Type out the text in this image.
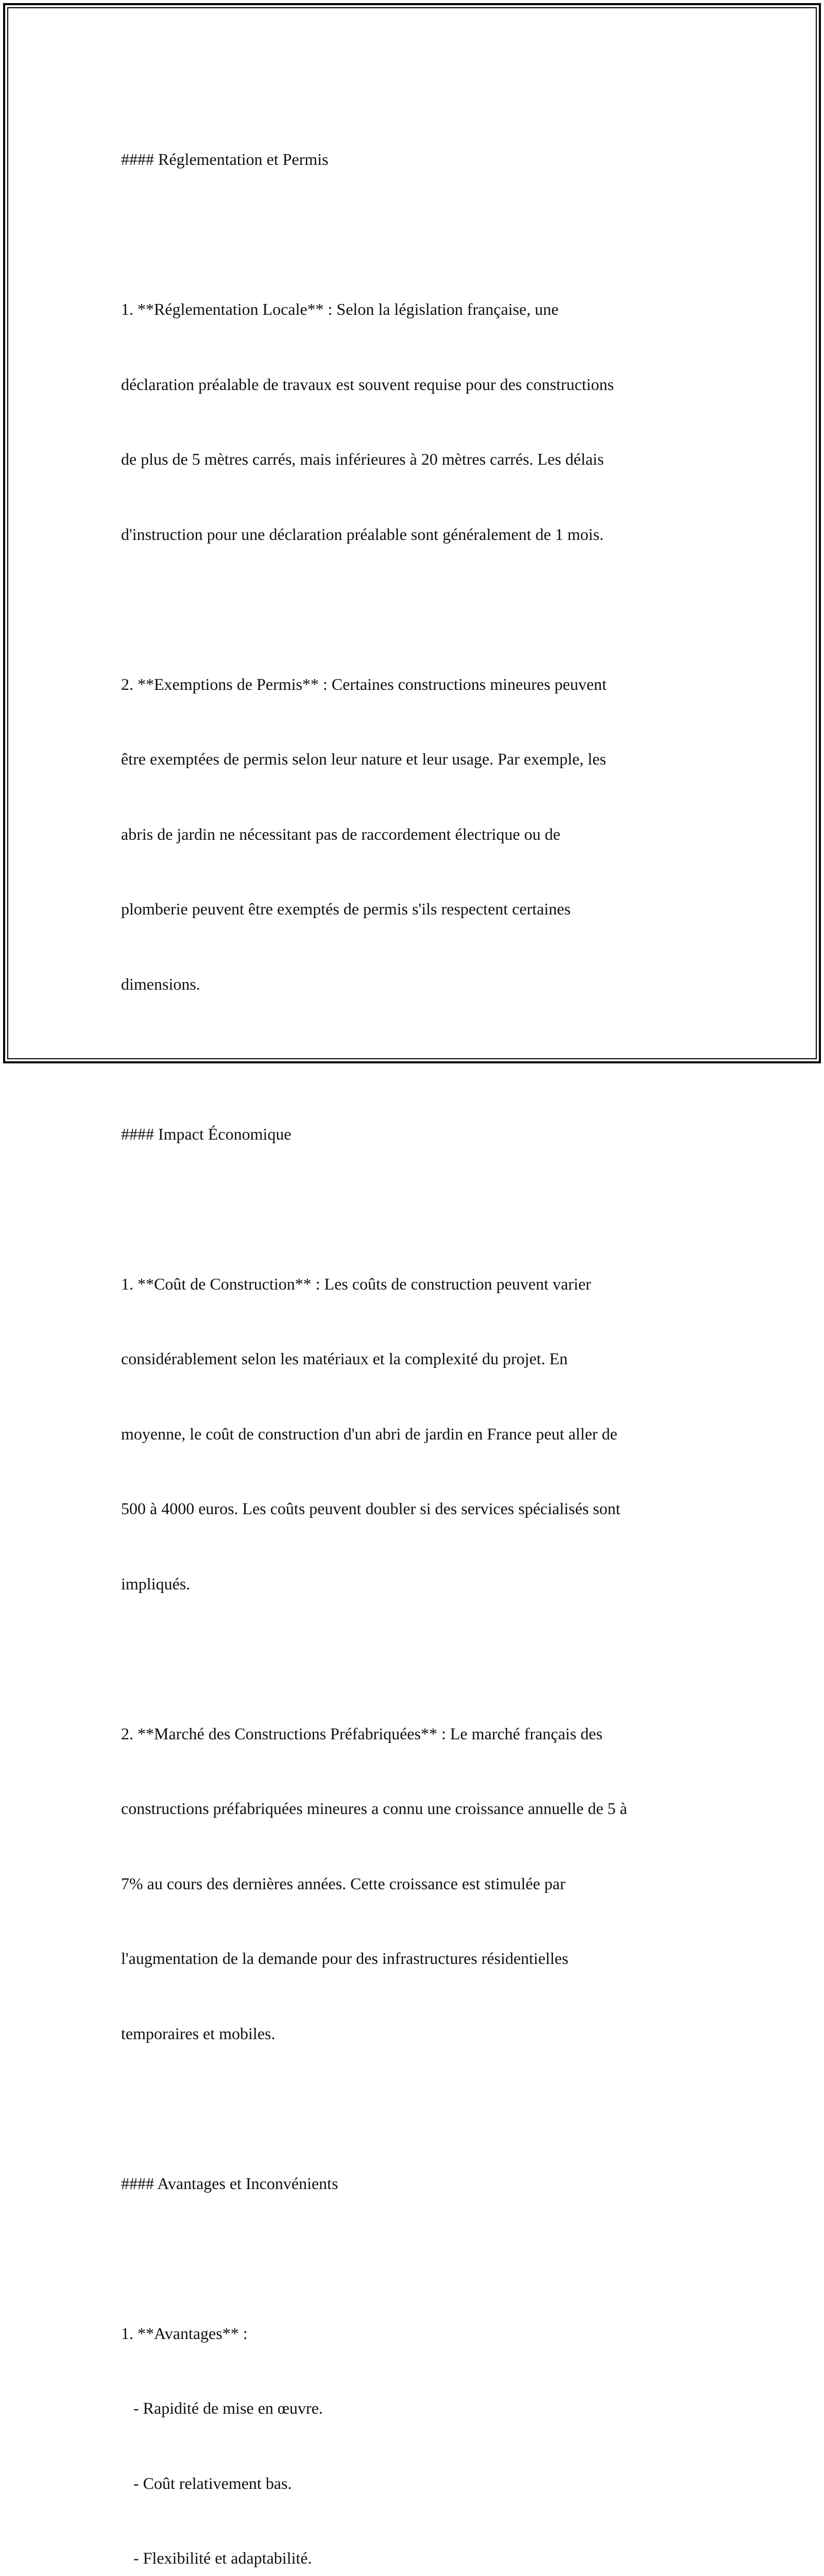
#### Réglementation et Permis

1. **Réglementation Locale** : Selon la législation française, une

déclaration préalable de travaux est souvent requise pour des constructions

de plus de 5 mètres carrés, mais inférieures à 20 mètres carrés. Les délais

d'instruction pour une déclaration préalable sont généralement de 1 mois.

2. **Exemptions de Permis** : Certaines constructions mineures peuvent

être exemptées de permis selon leur nature et leur usage. Par exemple, les

abris de jardin ne nécessitant pas de raccordement électrique ou de

plomberie peuvent être exemptés de permis s'ils respectent certaines

dimensions.

#### Impact Économique

1. **Coût de Construction** : Les coûts de construction peuvent varier

considérablement selon les matériaux et la complexité du projet. En

moyenne, le coût de construction d'un abri de jardin en France peut aller de

500 à 4000 euros. Les coûts peuvent doubler si des services spécialisés sont

impliqués.

2. **Marché des Constructions Préfabriquées** : Le marché français des

constructions préfabriquées mineures a connu une croissance annuelle de 5 à

7% au cours des dernières années. Cette croissance est stimulée par

l'augmentation de la demande pour des infrastructures résidentielles

temporaires et mobiles.

#### Avantages et Inconvénients

1. **Avantages** :

- Rapidité de mise en œuvre.

- Coût relativement bas.

- Flexibilité et adaptabilité.
